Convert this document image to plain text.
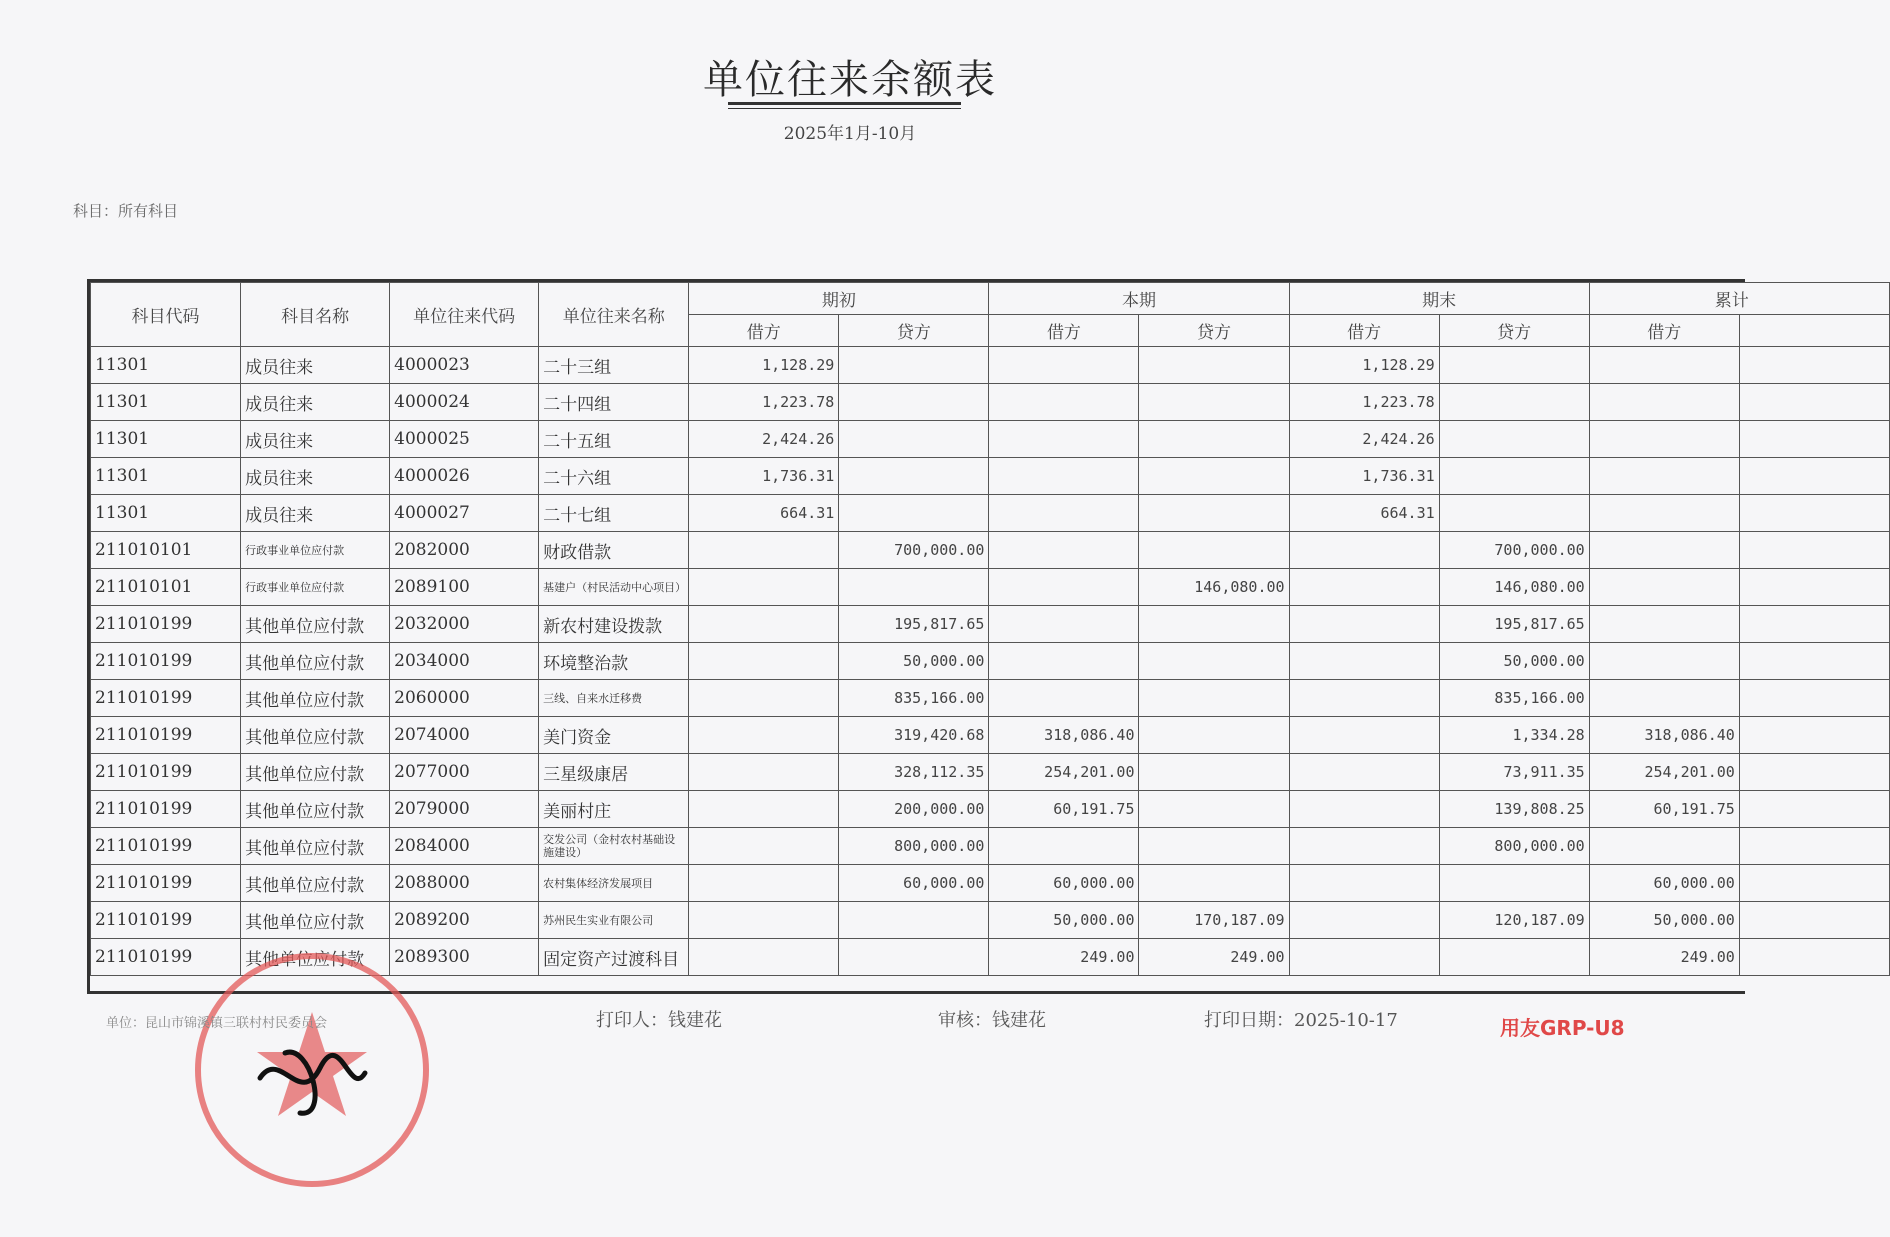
单位往来余额表
2025年1月-10月
科目：所有科目
科目代码	科目名称	单位往来代码	单位往来名称	期初		本期		期末		累计	
				借方	贷方	借方	贷方	借方	贷方	借方	
11301	成员往来	4000023	二十三组	1,128.29				1,128.29			
11301	成员往来	4000024	二十四组	1,223.78				1,223.78			
11301	成员往来	4000025	二十五组	2,424.26				2,424.26			
11301	成员往来	4000026	二十六组	1,736.31				1,736.31			
11301	成员往来	4000027	二十七组	664.31				664.31			
211010101	行政事业单位应付款	2082000	财政借款		700,000.00				700,000.00		
211010101	行政事业单位应付款	2089100	基建户（村民活动中心项目）				146,080.00		146,080.00		
211010199	其他单位应付款	2032000	新农村建设拨款		195,817.65				195,817.65		
211010199	其他单位应付款	2034000	环境整治款		50,000.00				50,000.00		
211010199	其他单位应付款	2060000	三线、自来水迁移费		835,166.00				835,166.00		
211010199	其他单位应付款	2074000	美门资金		319,420.68	318,086.40			1,334.28	318,086.40	
211010199	其他单位应付款	2077000	三星级康居		328,112.35	254,201.00			73,911.35	254,201.00	
211010199	其他单位应付款	2079000	美丽村庄		200,000.00	60,191.75			139,808.25	60,191.75	
211010199	其他单位应付款	2084000	交发公司（金村农村基础设施建设）		800,000.00				800,000.00		
211010199	其他单位应付款	2088000	农村集体经济发展项目		60,000.00	60,000.00				60,000.00	
211010199	其他单位应付款	2089200	苏州民生实业有限公司			50,000.00	170,187.09		120,187.09	50,000.00	
211010199	其他单位应付款	2089300	固定资产过渡科目			249.00	249.00			249.00	
单位：昆山市锦溪镇三联村村民委员会	打印人：钱建花	审核：钱建花	打印日期：2025-10-17	用友GRP-U8
